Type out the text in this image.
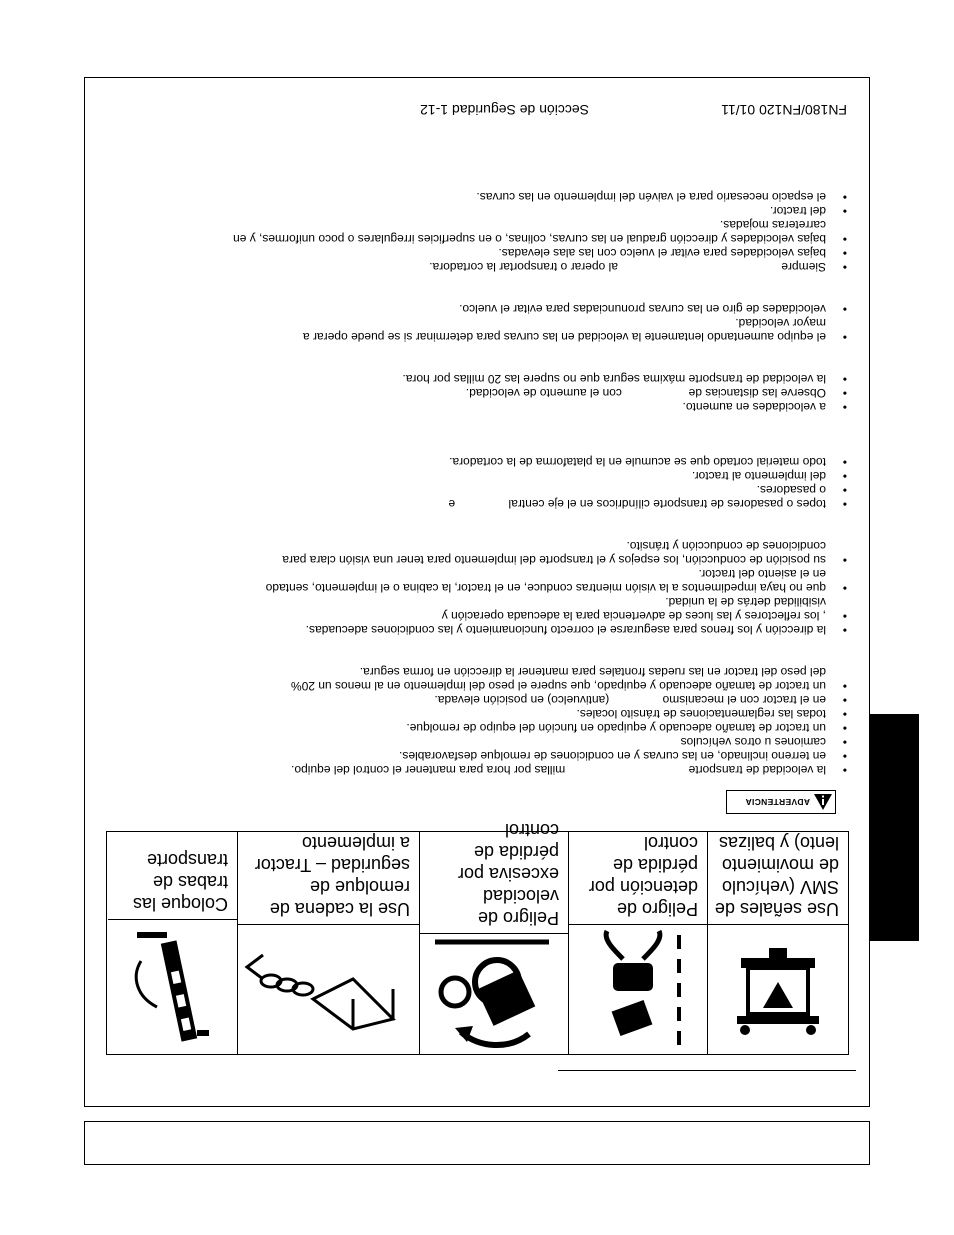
Use señales de SMV (vehículo de movimiento lento) y balizas
Peligro de detención por pérdida de control
Peligro de velocidad excesiva por pérdida de control
Use la cadena de remolque de seguridad – Tractor a implemento
Coloque las trabas de transporte
ADVERTENCIA
• la velocidad de transporte                                     millas por hora para mantener el control del equipo.
• en terreno inclinado, en las curvas y en condiciones de remolque desfavorables.
• camiones u otros vehículos
• un tractor de tamaño adecuado y equipado en función del equipo de remolque.
• todas las reglamentaciones de tránsito locales.
• en el tractor con el mecanismo                (antivuelco) en posición elevada.
• un tractor de tamaño adecuado y equipado, que supere el peso del implemento en al menos un 20%
del peso del tractor en las ruedas frontales para mantener la dirección en forma segura.
• la dirección y los frenos para asegurarse el correcto funcionamiento y las condiciones adecuadas.
• , los reflectores y las luces de advertencia para la adecuada operación y
visibilidad detrás de la unidad.
• que no haya impedimentos a la visión mientras conduce, en el tractor, la cabina o el implemento, sentado
en el asiento del tractor.
• su posición de conducción, los espejos y el transporte del implemento para tener una visión clara para
condiciones de conducción y tránsito.
• topes o pasadores de transporte cilíndricos en el eje central                e
• o pasadores.
• del implemento al tractor.
• todo material cortado que se acumule en la plataforma de la cortadora.
• a velocidades en aumento.
• Observe las distancias de                    con el aumento de velocidad.
• la velocidad de transporte máxima segura que no supere las 20 millas por hora.
• el equipo aumentando lentamente la velocidad en las curvas para determinar si se puede operar a
mayor velocidad.
• velocidades de giro en las curvas pronunciadas para evitar el vuelco.
• Siempre                                                 al operar o transportar la cortadora.
• bajas velocidades para evitar el vuelco con las alas elevadas.
• bajas velocidades y dirección gradual en las curvas, colinas, o en superficies irregulares o poco uniformes, y en
carreteras mojadas.
• del tractor.
• el espacio necesario para el vaivén del implemento en las curvas.
FN180/FN120 01/11
Sección de Seguridad 1-12
